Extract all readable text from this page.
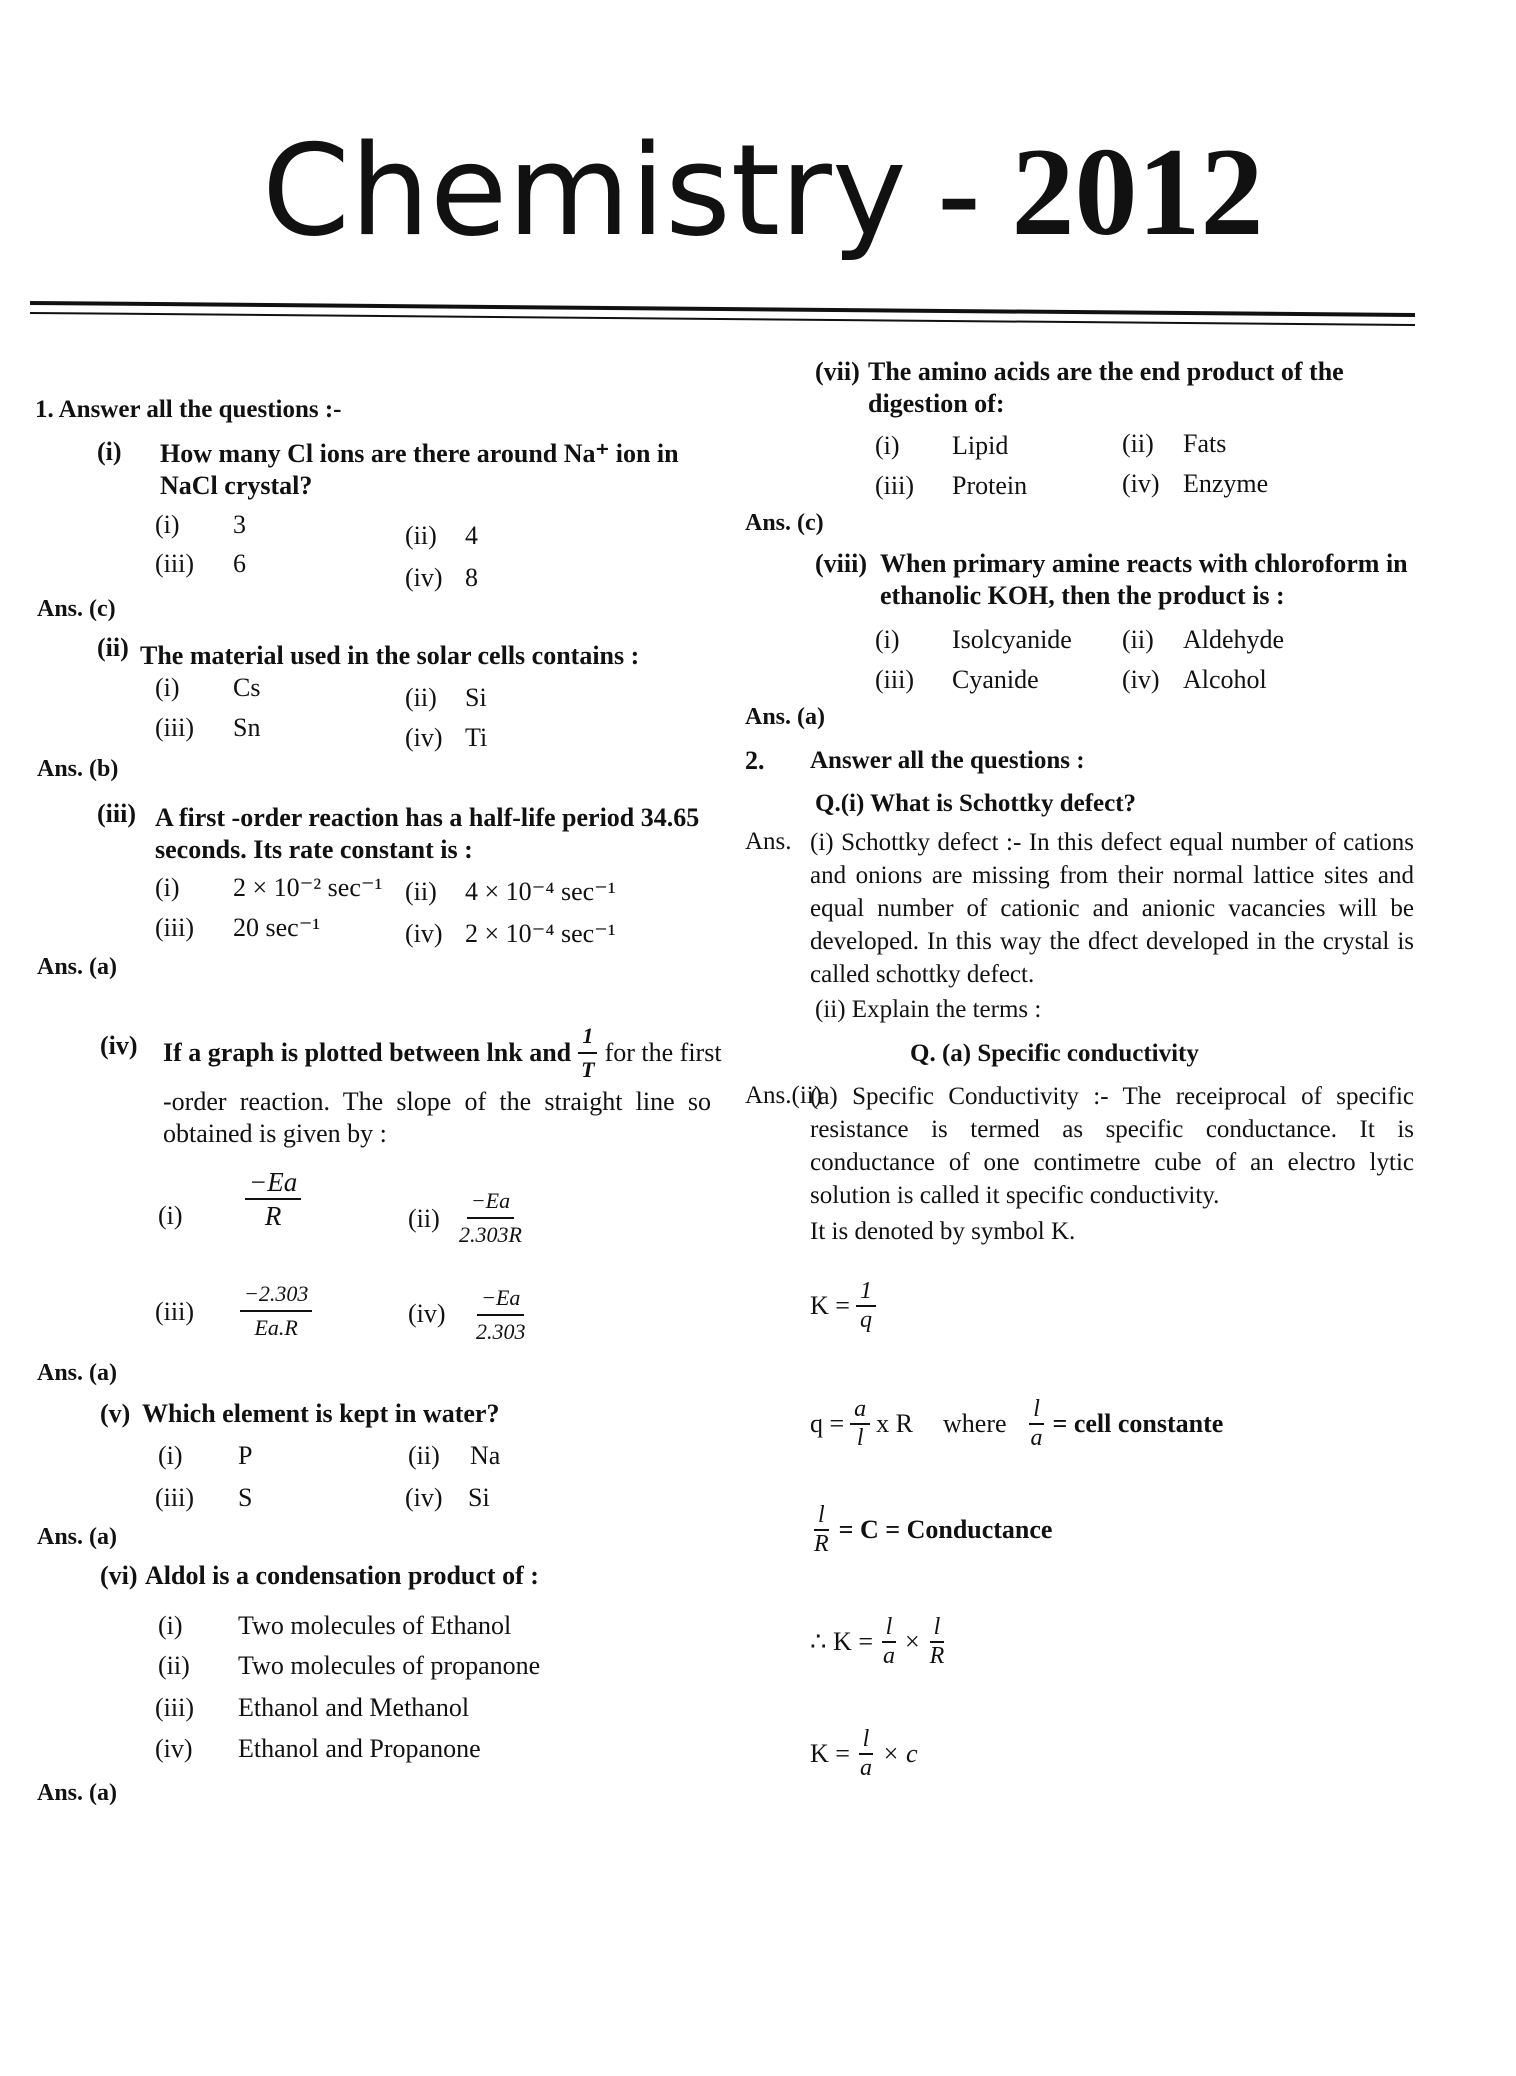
Chemistry - 2012
1. Answer all the questions :-
(i) How many Cl ions are there around Na⁺ ion in NaCl crystal?
(i) 3	(ii) 4
(iii) 6	(iv) 8
Ans. (c)
(ii) The material used in the solar cells contains :
(i) Cs	(ii) Si
(iii) Sn	(iv) Ti
Ans. (b)
(iii) A first -order reaction has a half-life period 34.65 seconds. Its rate constant is :
(i) 2 × 10⁻² sec⁻¹ (ii) 4 × 10⁻⁴ sec⁻¹
(iii) 20 sec⁻¹	(iv) 2 × 10⁻⁴ sec⁻¹
Ans. (a)
(iv) If a graph is plotted between lnk and $\frac{1}{T}$ for the first
-order reaction. The slope of the straight line so obtained is given by :
$(i) \frac{-Ea}{R}$	$(ii) \frac{-Ea}{2.303R}$
$(iii) \frac{-2.303}{Ea.R}$	$(iv) \frac{-Ea}{2.303}$
Ans. (a)
(v) Which element is kept in water?
(i) P	(ii) Na
(iii) S	(iv) Si
Ans. (a)
(vi) Aldol is a condensation product of :
(i) Two molecules of Ethanol
(ii) Two molecules of propanone
(iii) Ethanol and Methanol
(iv) Ethanol and Propanone
Ans. (a)
(vii) The amino acids are the end product of the digestion of:
(i) Lipid	(ii) Fats
(iii) Protein	(iv) Enzyme
Ans. (c)
(viii) When primary amine reacts with chloroform in ethanolic KOH, then the product is :
(i) Isolcyanide (ii) Aldehyde
(iii) Cyanide	(iv) Alcohol
Ans. (a)
2. Answer all the questions :
Q.(i) What is Schottky defect?
Ans. (i) Schottky defect :- In this defect equal number of cations and onions are missing from their normal lattice sites and equal number of cationic and anionic vacancies will be developed. In this way the dfect developed in the crystal is called schottky defect.
(ii) Explain the terms :
Q. (a) Specific conductivity
Ans.(ii)
(a) Specific Conductivity :- The receiprocal of specific resistance is termed as specific conductance. It is conductance of one contimetre cube of an electro lytic solution is called it specific conductivity.
It is denoted by symbol K.
$K = \frac{1}{q}$
$q = \frac{a}{l}$ x R where $\frac{l}{a}$ = cell constante
$\frac{l}{R} = C$ = Conductance
∴ $K = \frac{l}{a} \times \frac{l}{R}$
$K = \frac{l}{a} \times c$
